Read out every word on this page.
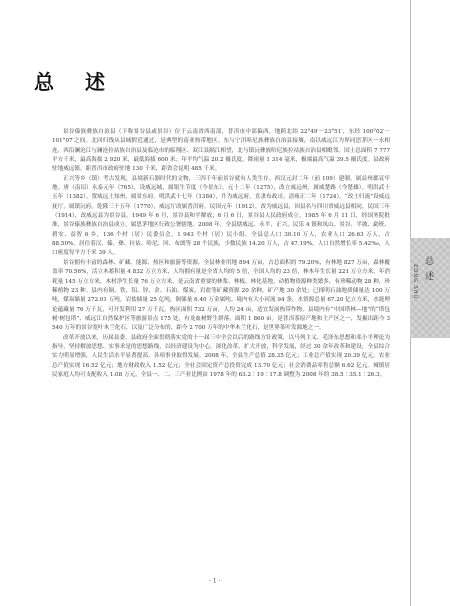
总 述

景谷傣族彝族自治县（下称景谷县或景谷）位于云南省西南部，普洱市中部偏西。地跨北纬 22°49′－23°51′，东经 100°02′－101°07′之间。北回归线从县城附近通过，是典型的南亚热带地区。东与宁洱哈尼族彝族自治县接壤，南以威远江为界同思茅区一水相连，西沿澜沧江与澜沧拉祜族自治县及临沧市的临翔区、双江县隔江相望，北与镇沅彝族哈尼族拉祜族自治县相毗邻。国土总面积 7 777 平方千米，最高海拔 2 920 米，最低海拔 600 米；年平均气温 20.2 摄氏度，降雨量 1 314 毫米，极端最高气温 39.5 摄氏度。县政府驻地威远镇，距普洱市政府驻地 130 千米，距省会昆明 485 千米。

正兴等乡（镇）考古发现，县境新石器时代的文物，三四千年前景谷就有人类生存。西汉元封二年（前 109）建制，属益州郡哀牢地。唐（南诏）永泰元年（765），设威远城，属银生节度（今景东）。元十二年（1275），改立威远州，属威楚路（今楚雄）。明洪武十五年（1382），置威远土知州，属景东府。明洪武十七年（1384），升为威远府，直隶布政司。清雍正二年（1724），“改土归流”设威远抚厅，属镇沅府。乾隆三十五年（1770），威远厅改属普洱府。民国元年（1912），改为威远县，因县名与四川省威远县相同，民国三年（1914），改威远县为景谷县。1949 年 6 月，景谷县和平解放；6 月 6 日，景谷县人民政府成立。1985 年 6 月 11 日，经国务院批准，景谷傣族彝族自治县成立，属思茅地区行政公署辖地。2008 年，全县辖威远、永平、正兴、民乐 4 镇和凤山、景谷、半坡、勐班、碧安、益智 6 乡，136 个村（居）民委员会，1 943 个村（居）民小组。全县总人口 30.10 万人，农业人口 26.63 万人，占 88.50%。居住着汉、傣、彝、拉祜、哈尼、回、布朗等 28 个民族，少数民族 14.20 万人，占 47.19%。人口自然增长率 5.42‰，人口密度每平方千米 39 人。

景谷拥有丰富的森林、矿藏、能源、热区和旅游等资源。全县林业用地 894 万亩，占总面积的 79.20%，有林地 827 万亩，森林覆盖率 70.56%，活立木蓄积量 4 832 万立方米，人均拥有量是全省人均的 5 倍，全国人均的 23 倍，林木年生长量 221 万立方米，年消耗量 145 万立方米，木材净生长量 76 万立方米，是云南省重要的林浆、林板、林化基地。动植物资源种类繁多，有珍稀动物 28 种，珍稀植物 23 种。县内有铜、铁、铝、锌、金、石油、煤炭、岩盐等矿藏资源 20 余种，矿产地 30 余处；已探明石油地质储量达 100 万吨，煤炭储量 272.01 万吨，岩盐储量 25 亿吨，铜储量 6.40 万金属吨。境内有大小河流 94 条，水资源总量 67.20 亿立方米，水能理论蕴藏量 76 万千瓦，可开发利用 27 万千瓦。热区面积 732 万亩，人均 24 亩，适宜发展热带作物。县境内有“中国塔林—地”的“塔包树·树包塔”、威远江自然保护区等旅游景点 175 处，有龙血树野生群落，面积 1 860 亩。是普洱茶原产地和主产区之一，发掘出距今 3 540 万年的景谷宽叶木兰化石，以及广泛分布的、距今 2 700 万年的中华木兰化石，是世界茶叶发源地之一。

改革开放以来，历届县委、县政府全面贯彻落实党的十一届三中全会以后的路线方针政策，以马列主义、毛泽东思想和邓小平理论为指导，坚持解放思想、实事求是的思想路线，以经济建设为中心，深化改革，扩大开放，科学发展，经过 30 余年改革和建设，全县综合实力明显增强，人民生活水平显著提高，各项事业取得发展。2008 年，全县生产总值 28.35 亿元；工业总产值实现 20.39 亿元，农业总产值实现 16.52 亿元；地方财政收入 1.52 亿元；全社会固定资产总投资完成 13.70 亿元；社会消费品零售总额 6.62 亿元。城镇居民家庭人均可支配收入 1.08 万元，全县一、二、三产业比例由 1978 年的 63.2∶19∶17.8 调整为 2008 年的 38.5∶35.1∶26.3。

总述
ZONG SHU
· 1 ·
